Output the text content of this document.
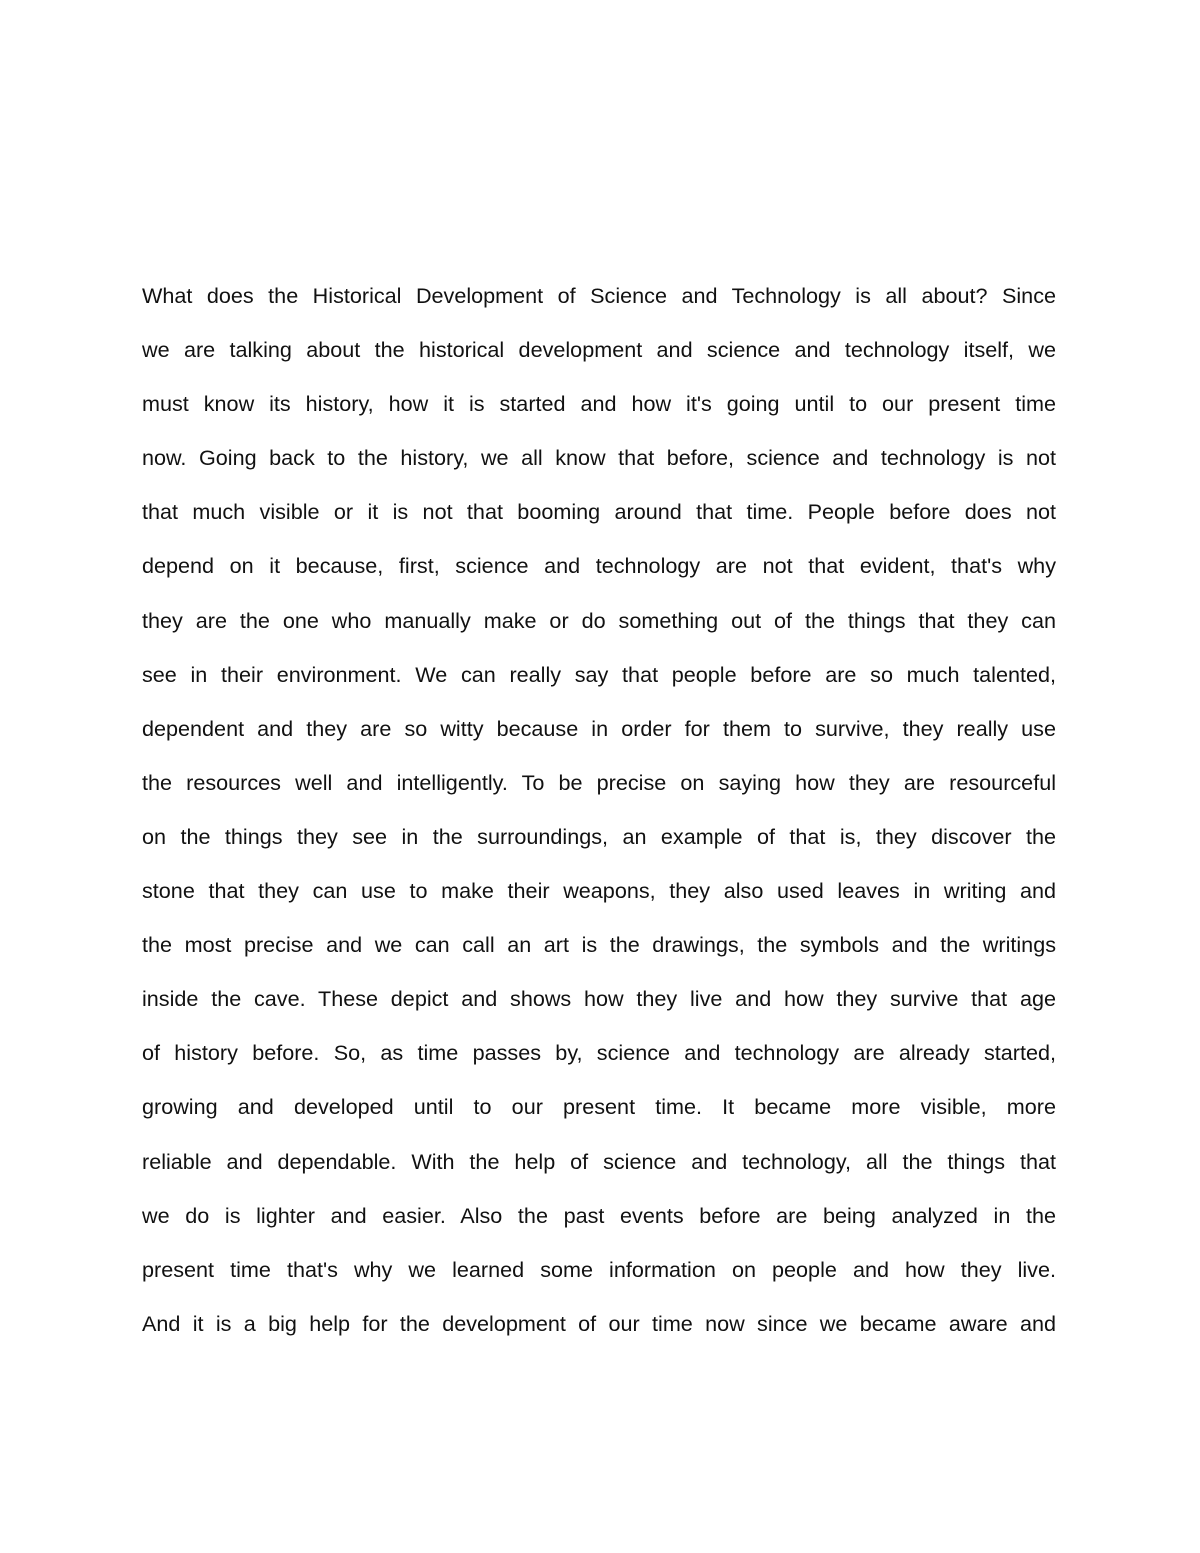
What does the Historical Development of Science and Technology is all about? Since
we are talking about the historical development and science and technology itself, we
must know its history, how it is started and how it's going until to our present time
now. Going back to the history, we all know that before, science and technology is not
that much visible or it is not that booming around that time. People before does not
depend on it because, first, science and technology are not that evident, that's why
they are the one who manually make or do something out of the things that they can
see in their environment. We can really say that people before are so much talented,
dependent and they are so witty because in order for them to survive, they really use
the resources well and intelligently. To be precise on saying how they are resourceful
on the things they see in the surroundings, an example of that is, they discover the
stone that they can use to make their weapons, they also used leaves in writing and
the most precise and we can call an art is the drawings, the symbols and the writings
inside the cave. These depict and shows how they live and how they survive that age
of history before. So, as time passes by, science and technology are already started,
growing and developed until to our present time. It became more visible, more
reliable and dependable. With the help of science and technology, all the things that
we do is lighter and easier. Also the past events before are being analyzed in the
present time that's why we learned some information on people and how they live.
And it is a big help for the development of our time now since we became aware and
